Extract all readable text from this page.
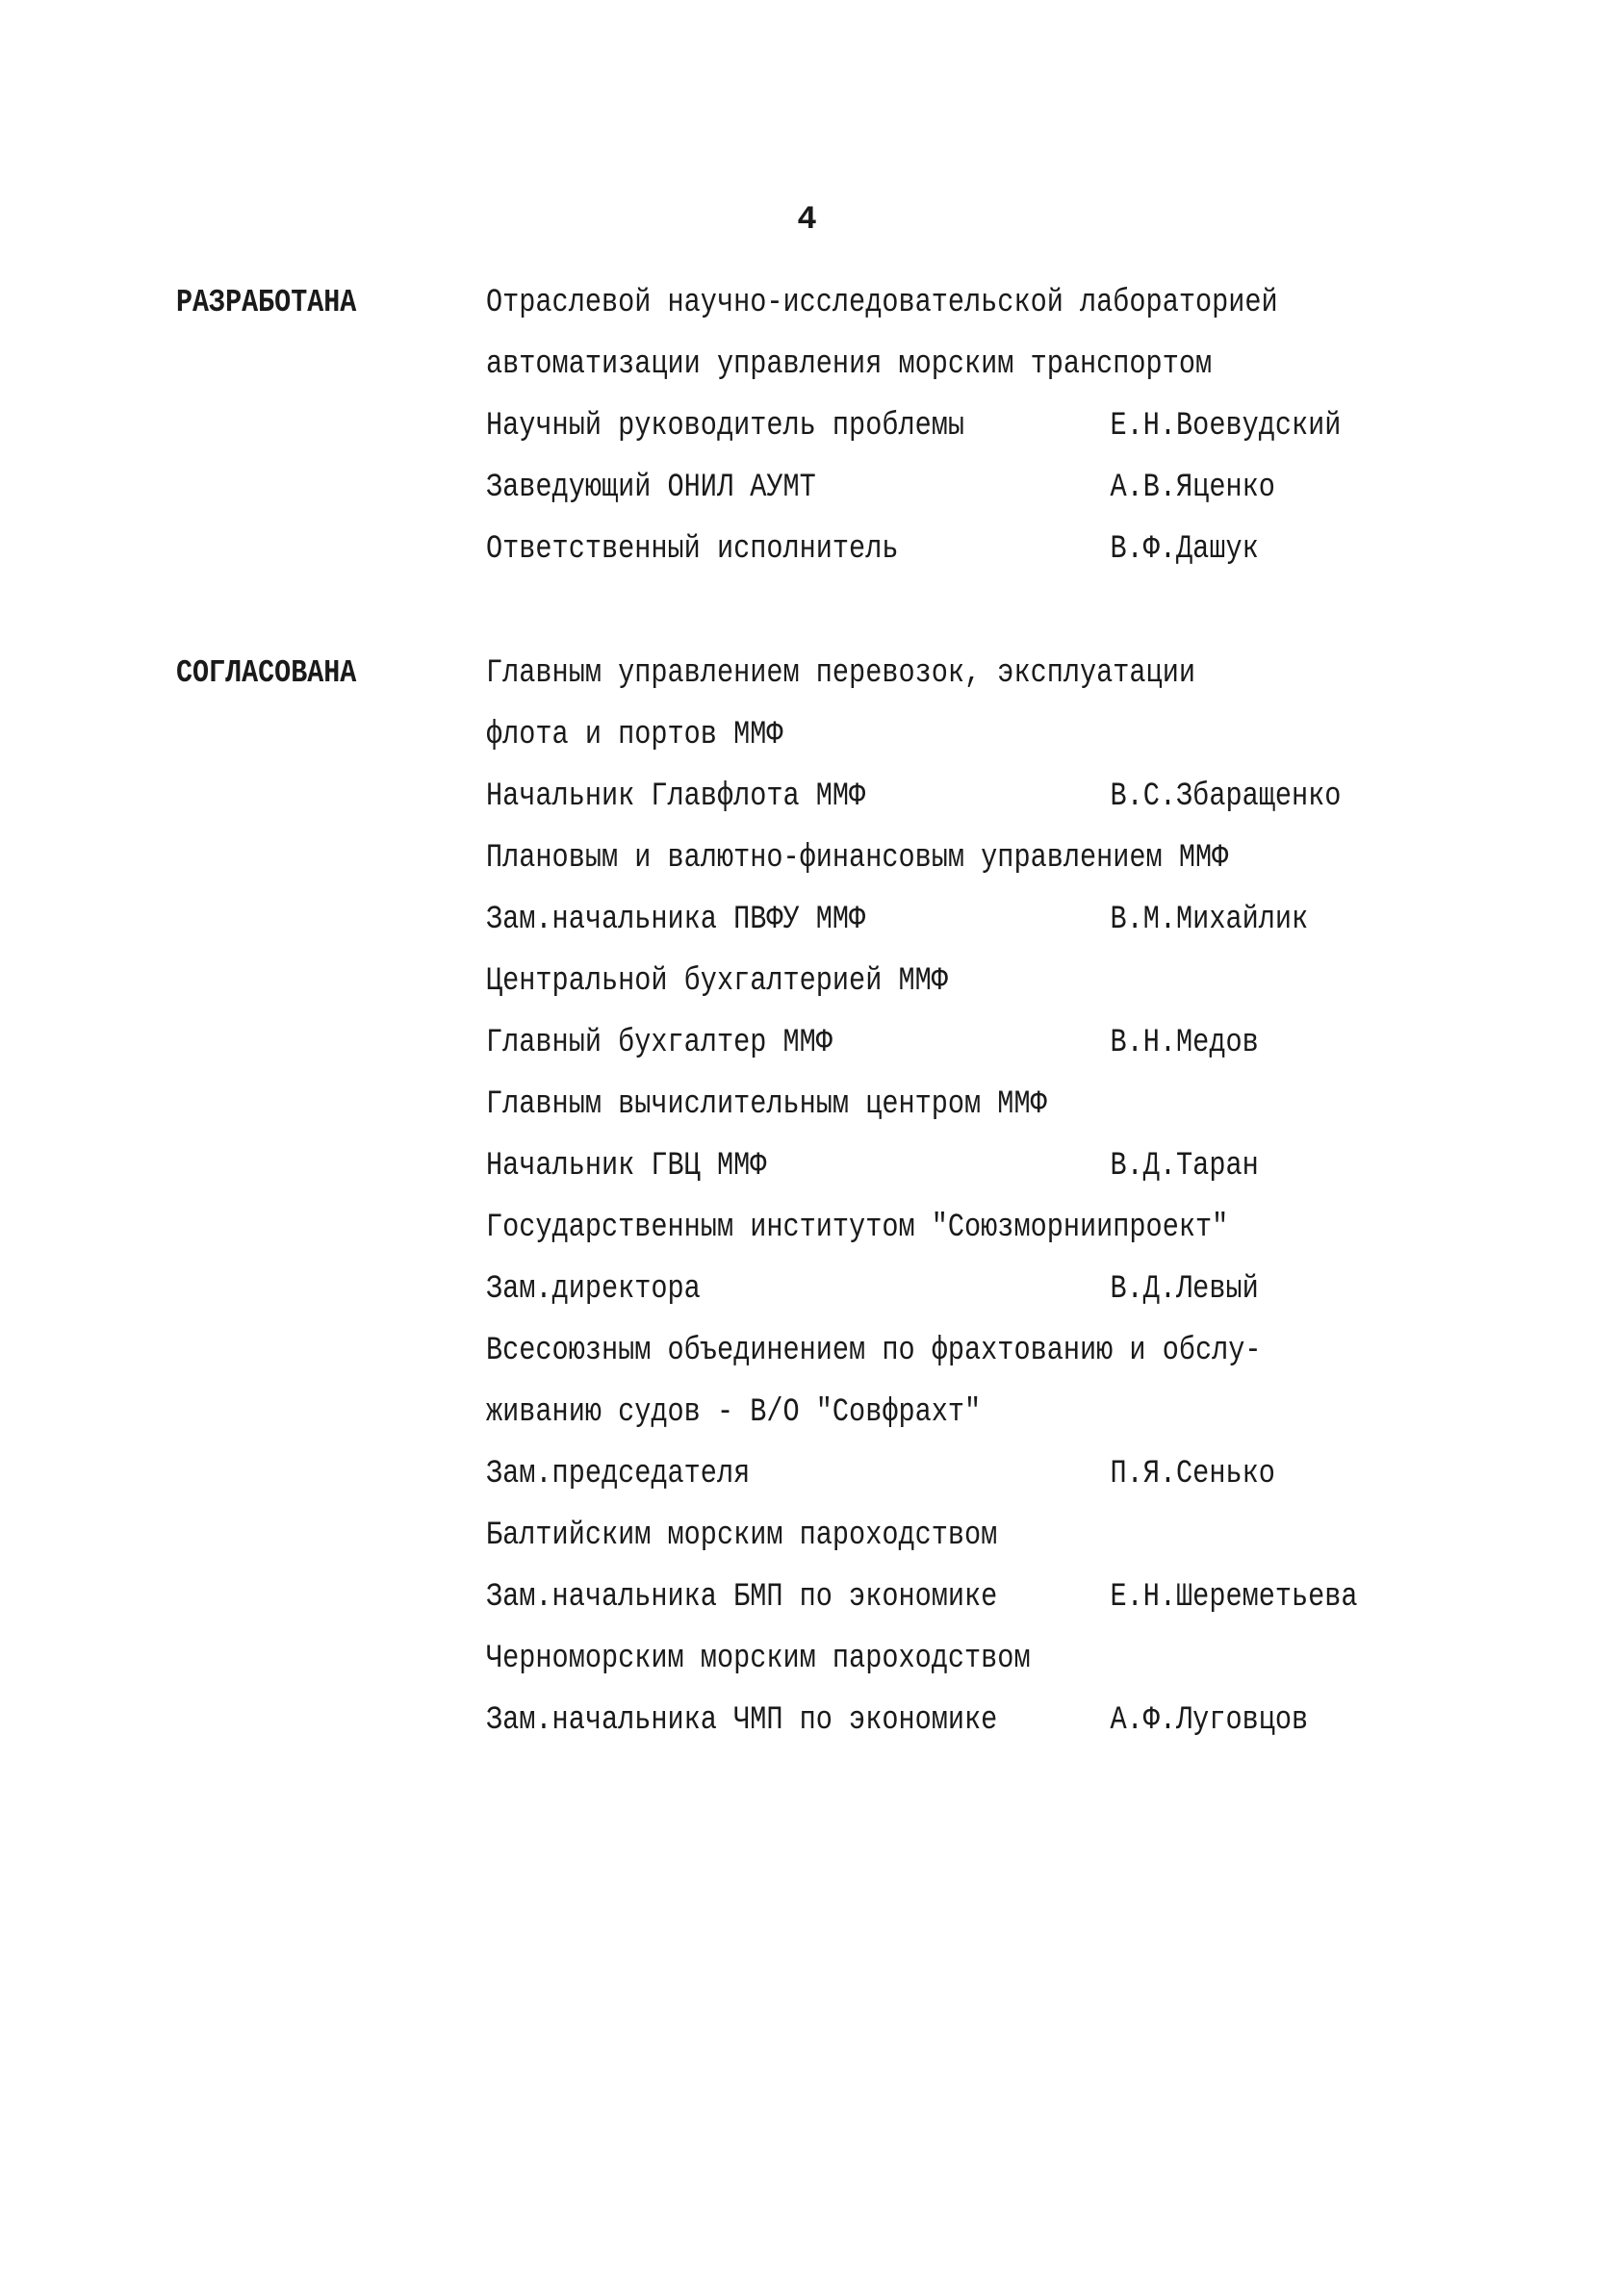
4
РАЗРАБОТАНА	Отраслевой научно-исследовательской лабораторией
автоматизации управления морским транспортом
Научный руководитель проблемы	Е.Н.Воевудский
Заведующий ОНИЛ АУМТ	А.В.Яценко
Ответственный исполнитель	В.Ф.Дашук
СОГЛАСОВАНА	Главным управлением перевозок, эксплуатации
флота и портов ММФ
Начальник Главфлота ММФ	В.С.Збаращенко
Плановым и валютно-финансовым управлением ММФ
Зам.начальника ПВФУ ММФ	В.М.Михайлик
Центральной бухгалтерией ММФ
Главный бухгалтер ММФ	В.Н.Медов
Главным вычислительным центром ММФ
Начальник ГВЦ ММФ	В.Д.Таран
Государственным институтом "Союзморниипроект"
Зам.директора	В.Д.Левый
Всесоюзным объединением по фрахтованию и обслу-
живанию судов - В/О "Совфрахт"
Зам.председателя	П.Я.Сенько
Балтийским морским пароходством
Зам.начальника БМП по экономике	Е.Н.Шереметьева
Черноморским морским пароходством
Зам.начальника ЧМП по экономике	А.Ф.Луговцов
